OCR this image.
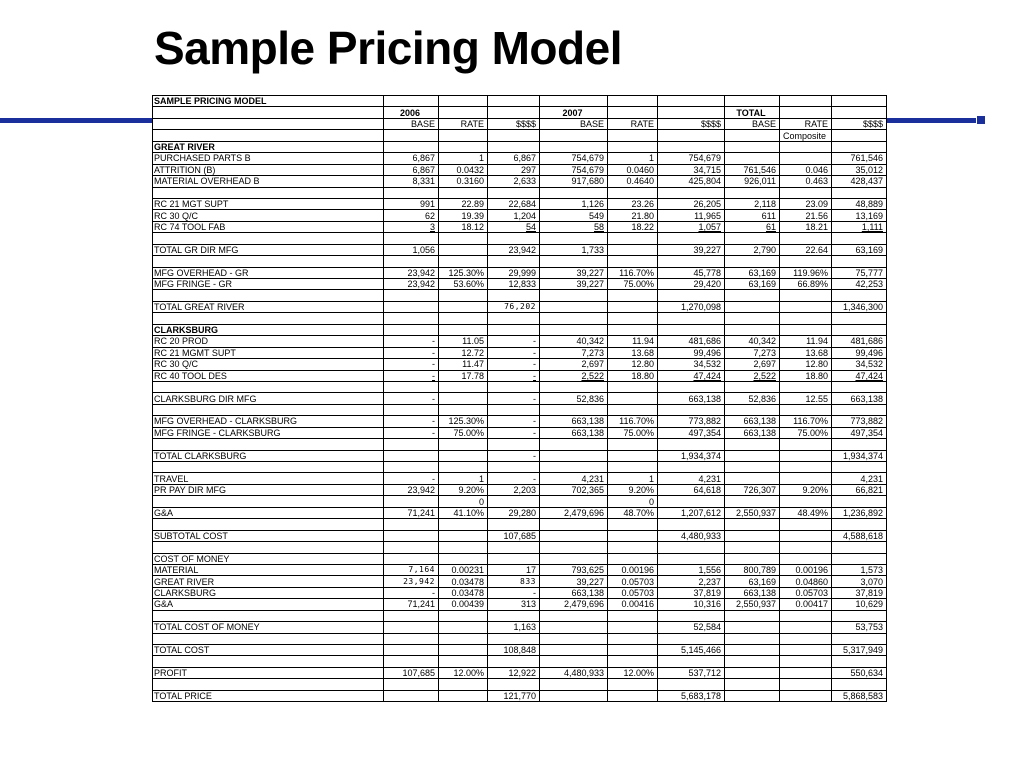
Sample Pricing Model
SAMPLE PRICING MODEL									
	2006			2007			TOTAL		
	BASE	RATE	$$$$	BASE	RATE	$$$$	BASE	RATE	$$$$
								Composite	
GREAT RIVER									
PURCHASED PARTS B	6,867	1	6,867	754,679	1	754,679			761,546
ATTRITION (B)	6,867	0.0432	297	754,679	0.0460	34,715	761,546	0.046	35,012
MATERIAL OVERHEAD B	8,331	0.3160	2,633	917,680	0.4640	425,804	926,011	0.463	428,437

RC 21 MGT SUPT	991	22.89	22,684	1,126	23.26	26,205	2,118	23.09	48,889
RC 30 Q/C	62	19.39	1,204	549	21.80	11,965	611	21.56	13,169
RC 74 TOOL FAB	3	18.12	54	58	18.22	1,057	61	18.21	1,111

TOTAL GR DIR MFG	1,056		23,942	1,733		39,227	2,790	22.64	63,169

MFG OVERHEAD - GR	23,942	125.30%	29,999	39,227	116.70%	45,778	63,169	119.96%	75,777
MFG FRINGE - GR	23,942	53.60%	12,833	39,227	75.00%	29,420	63,169	66.89%	42,253

TOTAL GREAT RIVER			76,202			1,270,098			1,346,300

CLARKSBURG									
RC 20 PROD	-	11.05	-	40,342	11.94	481,686	40,342	11.94	481,686
RC 21 MGMT SUPT	-	12.72	-	7,273	13.68	99,496	7,273	13.68	99,496
RC 30 Q/C	-	11.47	-	2,697	12.80	34,532	2,697	12.80	34,532
RC 40 TOOL DES	-	17.78	-	2,522	18.80	47,424	2,522	18.80	47,424

CLARKSBURG DIR MFG	-		-	52,836		663,138	52,836	12.55	663,138

MFG OVERHEAD - CLARKSBURG	-	125.30%	-	663,138	116.70%	773,882	663,138	116.70%	773,882
MFG FRINGE - CLARKSBURG	-	75.00%	-	663,138	75.00%	497,354	663,138	75.00%	497,354

TOTAL CLARKSBURG			-			1,934,374			1,934,374

TRAVEL	-	1	-	4,231	1	4,231			4,231
PR PAY DIR MFG	23,942	9.20%	2,203	702,365	9.20%	64,618	726,307	9.20%	66,821
		0			0				
G&A	71,241	41.10%	29,280	2,479,696	48.70%	1,207,612	2,550,937	48.49%	1,236,892

SUBTOTAL COST			107,685			4,480,933			4,588,618

COST OF MONEY									
MATERIAL	7,164	0.00231	17	793,625	0.00196	1,556	800,789	0.00196	1,573
GREAT RIVER	23,942	0.03478	833	39,227	0.05703	2,237	63,169	0.04860	3,070
CLARKSBURG	-	0.03478	-	663,138	0.05703	37,819	663,138	0.05703	37,819
G&A	71,241	0.00439	313	2,479,696	0.00416	10,316	2,550,937	0.00417	10,629

TOTAL COST OF MONEY			1,163			52,584			53,753

TOTAL COST			108,848			5,145,466			5,317,949

PROFIT	107,685	12.00%	12,922	4,480,933	12.00%	537,712			550,634

TOTAL PRICE			121,770			5,683,178			5,868,583
